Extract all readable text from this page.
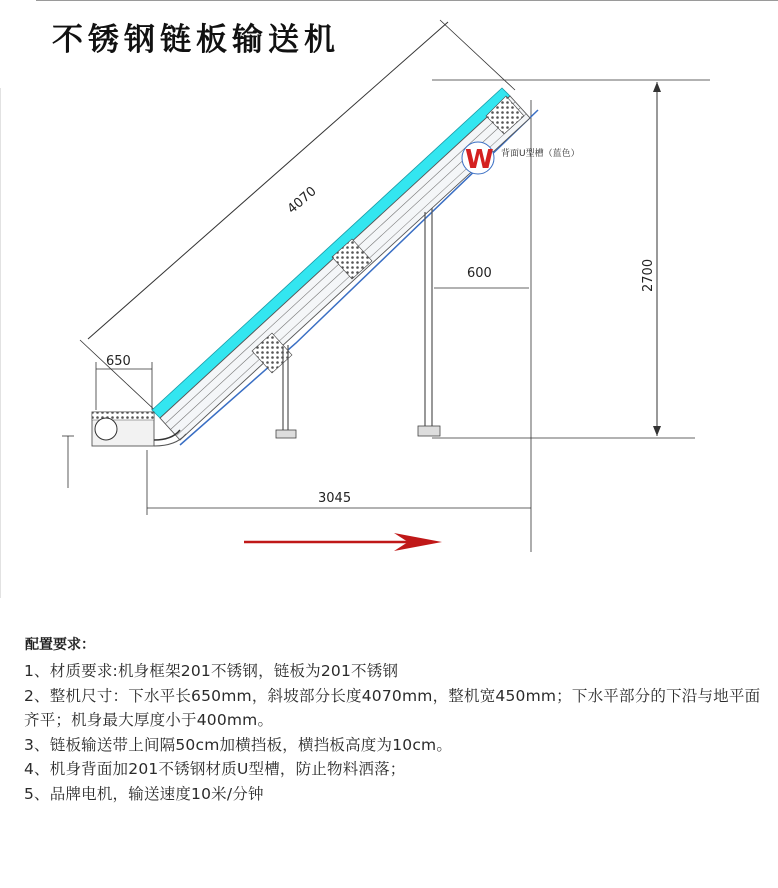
不锈钢链板输送机
4070
650
2700
600
3045
W 背面U型槽（蓝色）
配置要求：
1、材质要求:机身框架201不锈钢，链板为201不锈钢
2、整机尺寸：下水平长650mm，斜坡部分长度4070mm，整机宽450mm；下水平部分的下沿与地平面齐平；机身最大厚度小于400mm。
3、链板输送带上间隔50cm加横挡板，横挡板高度为10cm。
4、机身背面加201不锈钢材质U型槽，防止物料洒落；
5、品牌电机，输送速度10米/分钟
